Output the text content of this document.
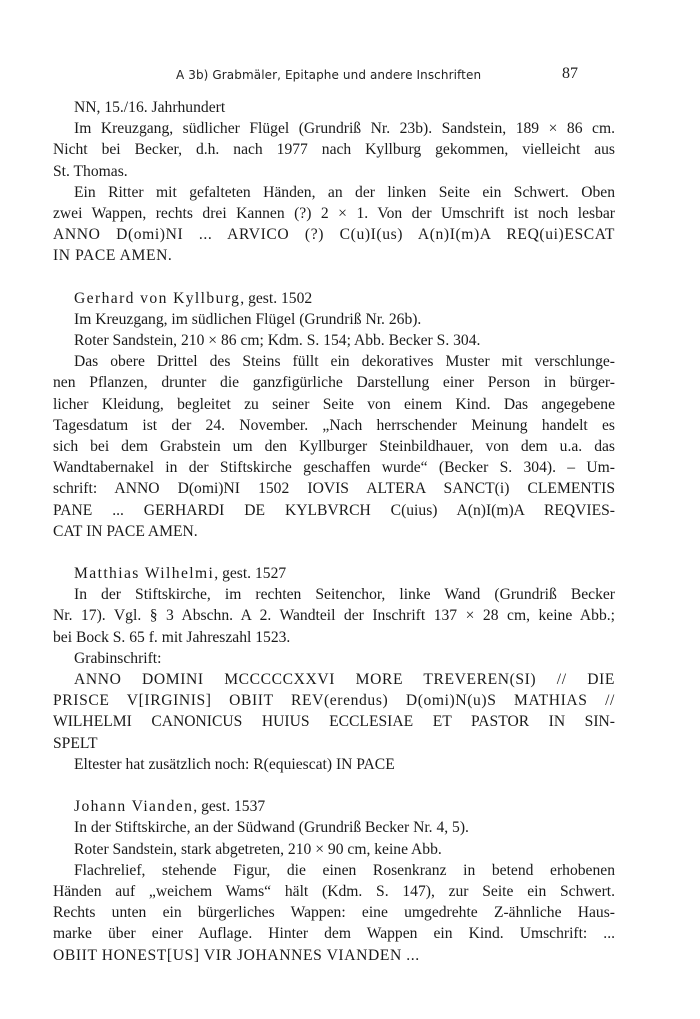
A 3b) Grabmäler, Epitaphe und andere Inschriften	87

NN, 15./16. Jahrhundert

Im Kreuzgang, südlicher Flügel (Grundriß Nr. 23b). Sandstein, 189 × 86 cm.

Nicht bei Becker, d.h. nach 1977 nach Kyllburg gekommen, vielleicht aus

St. Thomas.

Ein Ritter mit gefalteten Händen, an der linken Seite ein Schwert. Oben

zwei Wappen, rechts drei Kannen (?) 2 × 1. Von der Umschrift ist noch lesbar

ANNO D(omi)NI ... ARVICO (?) C(u)I(us) A(n)I(m)A REQ(ui)ESCAT

IN PACE AMEN.

Gerhard von Kyllburg, gest. 1502

Im Kreuzgang, im südlichen Flügel (Grundriß Nr. 26b).

Roter Sandstein, 210 × 86 cm; Kdm. S. 154; Abb. Becker S. 304.

Das obere Drittel des Steins füllt ein dekoratives Muster mit verschlunge-

nen Pflanzen, drunter die ganzfigürliche Darstellung einer Person in bürger-

licher Kleidung, begleitet zu seiner Seite von einem Kind. Das angegebene

Tagesdatum ist der 24. November. „Nach herrschender Meinung handelt es

sich bei dem Grabstein um den Kyllburger Steinbildhauer, von dem u.a. das

Wandtabernakel in der Stiftskirche geschaffen wurde“ (Becker S. 304). – Um-

schrift: ANNO D(omi)NI 1502 IOVIS ALTERA SANCT(i) CLEMENTIS

PANE ... GERHARDI DE KYLBVRCH C(uius) A(n)I(m)A REQVIES-

CAT IN PACE AMEN.

Matthias Wilhelmi, gest. 1527

In der Stiftskirche, im rechten Seitenchor, linke Wand (Grundriß Becker

Nr. 17). Vgl. § 3 Abschn. A 2. Wandteil der Inschrift 137 × 28 cm, keine Abb.;

bei Bock S. 65 f. mit Jahreszahl 1523.

Grabinschrift:

ANNO DOMINI MCCCCCXXVI MORE TREVEREN(SI) // DIE

PRISCE V[IRGINIS] OBIIT REV(erendus) D(omi)N(u)S MATHIAS //

WILHELMI CANONICUS HUIUS ECCLESIAE ET PASTOR IN SIN-

SPELT

Eltester hat zusätzlich noch: R(equiescat) IN PACE

Johann Vianden, gest. 1537

In der Stiftskirche, an der Südwand (Grundriß Becker Nr. 4, 5).

Roter Sandstein, stark abgetreten, 210 × 90 cm, keine Abb.

Flachrelief, stehende Figur, die einen Rosenkranz in betend erhobenen

Händen auf „weichem Wams“ hält (Kdm. S. 147), zur Seite ein Schwert.

Rechts unten ein bürgerliches Wappen: eine umgedrehte Z-ähnliche Haus-

marke über einer Auflage. Hinter dem Wappen ein Kind. Umschrift: ...

OBIIT HONEST[US] VIR JOHANNES VIANDEN ...
